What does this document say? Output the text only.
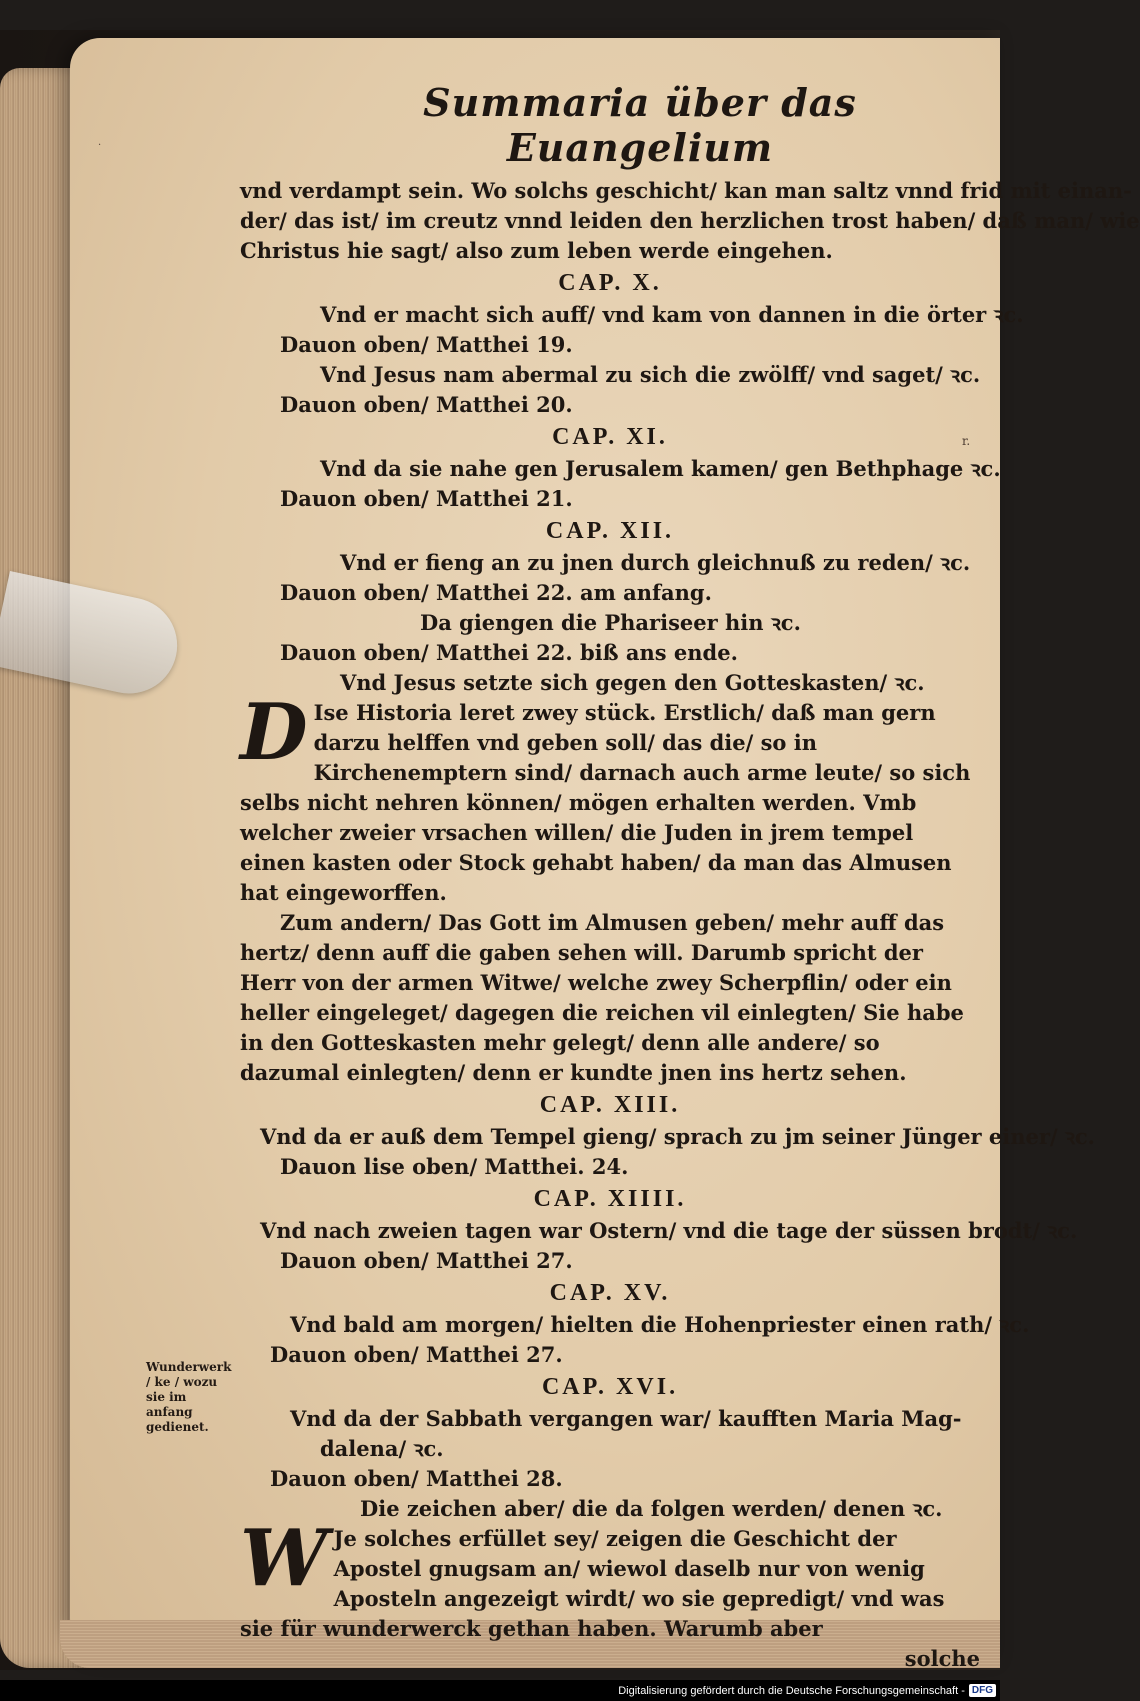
·
r.
Summaria über das Euangelium
vnd verdampt sein. Wo solchs geschicht/ kan man saltz vnnd frid mit einan-
der/ das ist/ im creutz vnnd leiden den herzlichen trost haben/ daß man/ wie
Christus hie sagt/ also zum leben werde eingehen.
CAP. X.
Vnd er macht sich auff/ vnd kam von dannen in die örter ꝛc.
Dauon oben/ Matthei 19.
Vnd Jesus nam abermal zu sich die zwölff/ vnd saget/ ꝛc.
Dauon oben/ Matthei 20.
CAP. XI.
Vnd da sie nahe gen Jerusalem kamen/ gen Bethphage ꝛc.
Dauon oben/ Matthei 21.
CAP. XII.
Vnd er fieng an zu jnen durch gleichnuß zu reden/ ꝛc.
Dauon oben/ Matthei 22. am anfang.
Da giengen die Phariseer hin ꝛc.
Dauon oben/ Matthei 22. biß ans ende.
Vnd Jesus setzte sich gegen den Gotteskasten/ ꝛc.
D Ise Historia leret zwey stück. Erstlich/ daß man gern darzu helffen vnd geben soll/ das die/ so in Kirchenemptern sind/ darnach auch arme leute/ so sich selbs nicht nehren können/ mögen erhalten werden. Vmb welcher zweier vrsachen willen/ die Juden in jrem tempel einen kasten oder Stock gehabt haben/ da man das Almusen hat eingeworffen.
Zum andern/ Das Gott im Almusen geben/ mehr auff das hertz/ denn auff die gaben sehen will. Darumb spricht der Herr von der armen Witwe/ welche zwey Scherpflin/ oder ein heller eingeleget/ dagegen die reichen vil einlegten/ Sie habe in den Gotteskasten mehr gelegt/ denn alle andere/ so dazumal einlegten/ denn er kundte jnen ins hertz sehen.
CAP. XIII.
Vnd da er auß dem Tempel gieng/ sprach zu jm seiner Jünger einer/ ꝛc.
Dauon lise oben/ Matthei. 24.
CAP. XIIII.
Vnd nach zweien tagen war Ostern/ vnd die tage der süssen brodt/ ꝛc.
Dauon oben/ Matthei 27.
CAP. XV.
Vnd bald am morgen/ hielten die Hohenpriester einen rath/ ꝛc.
Dauon oben/ Matthei 27.
CAP. XVI.
Vnd da der Sabbath vergangen war/ kaufften Maria Mag-
dalena/ ꝛc.
Dauon oben/ Matthei 28.
Die zeichen aber/ die da folgen werden/ denen ꝛc.
W Je solches erfüllet sey/ zeigen die Geschicht der Apostel gnugsam an/ wiewol daselb nur von wenig Aposteln angezeigt wirdt/ wo sie gepredigt/ vnd was sie für wunderwerck gethan haben. Warumb aber
solche
Wunderwerk / ke / wozu sie im anfang gedienet.
Digitalisierung gefördert durch die Deutsche Forschungsgemeinschaft - DFG
